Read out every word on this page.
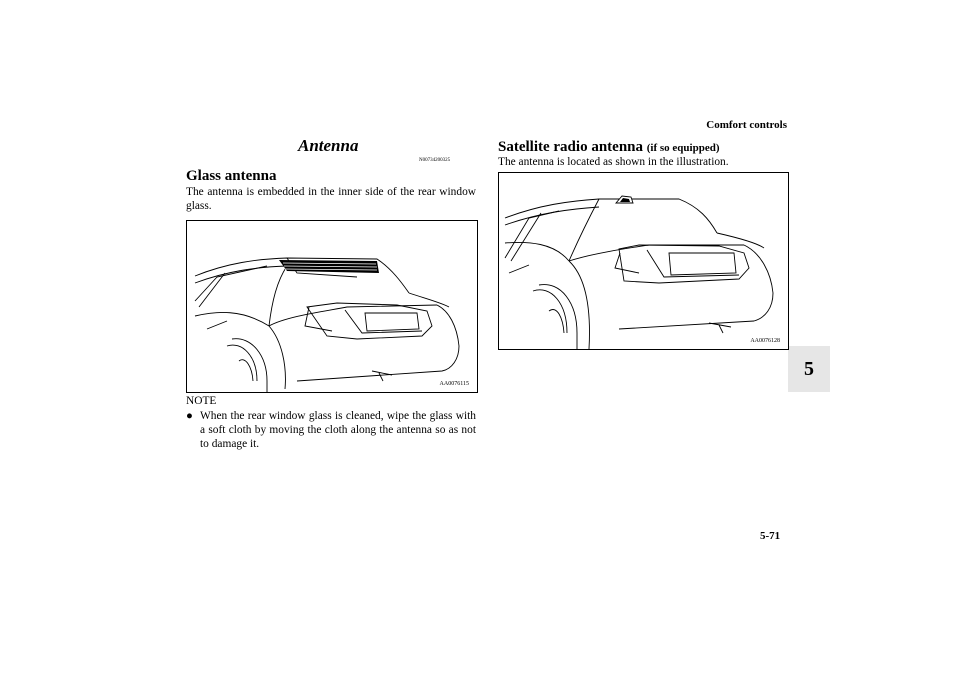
Comfort controls
5
Antenna
N00734200325
Glass antenna
The antenna is embedded in the inner side of the rear window glass.
AA0076115
NOTE
● When the rear window glass is cleaned, wipe the glass with a soft cloth by moving the cloth along the antenna so as not to damage it.
Satellite radio antenna (if so equipped)
The antenna is located as shown in the illustration.
AA0076128
5-71
